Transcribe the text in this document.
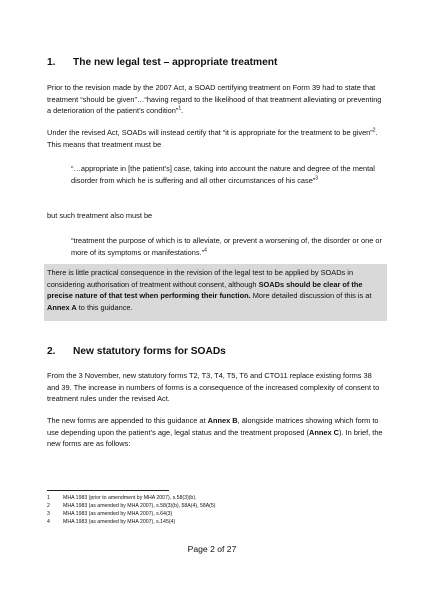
1. The new legal test – appropriate treatment
Prior to the revision made by the 2007 Act, a SOAD certifying treatment on Form 39 had to state that treatment “should be given”…“having regard to the likelihood of that treatment alleviating or preventing a deterioration of the patient’s condition”$^1$.
Under the revised Act, SOADs will instead certify that “it is appropriate for the treatment to be given”$^2$. This means that treatment must be
“…appropriate in [the patient’s] case, taking into account the nature and degree of the mental disorder from which he is suffering and all other circumstances of his case”$^3$
but such treatment also must be
“treatment the purpose of which is to alleviate, or prevent a worsening of, the disorder or one or more of its symptoms or manifestations.”$^4$
There is little practical consequence in the revision of the legal test to be applied by SOADs in considering authorisation of treatment without consent, although SOADs should be clear of the precise nature of that test when performing their function. More detailed discussion of this is at Annex A to this guidance.
2. New statutory forms for SOADs
From the 3 November, new statutory forms T2, T3, T4, T5, T6 and CTO11 replace existing forms 38 and 39. The increase in numbers of forms is a consequence of the increased complexity of consent to treatment rules under the revised Act.
The new forms are appended to this guidance at Annex B, alongside matrices showing which form to use depending upon the patient’s age, legal status and the treatment proposed (Annex C). In brief, the new forms are as follows:
1	MHA 1983 (prior to amendment by MHA 2007), s.58(3)(b).
2	MHA 1983 (as amended by MHA 2007), s.58(3)(b), 58A(4), 58A(5)
3	MHA 1983 (as amended by MHA 2007), s.64(3)
4	MHA 1983 (as amended by MHA 2007), s.145(4)
Page 2 of 27
